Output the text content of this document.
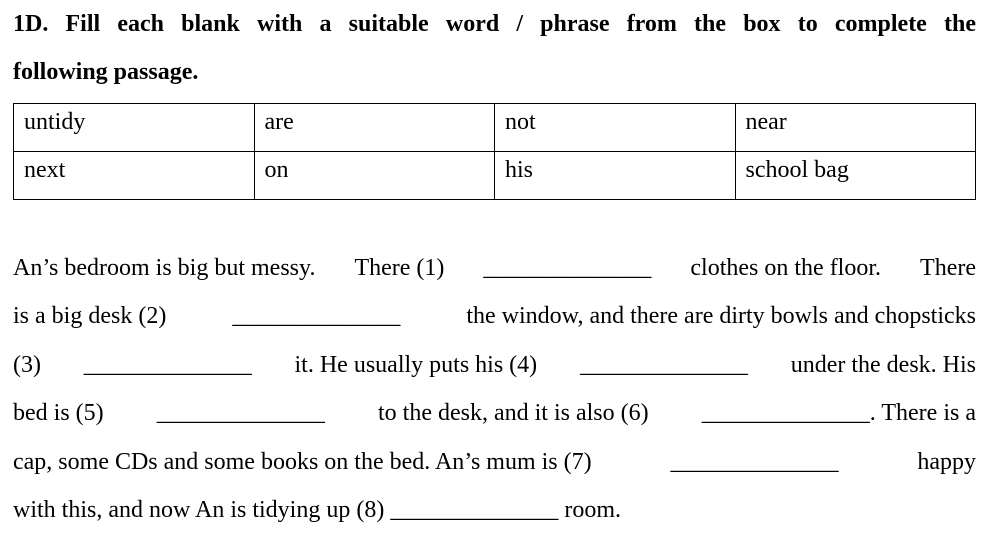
1D. Fill each blank with a suitable word / phrase from the box to complete the
following passage.

untidy	are	not	near
next	on	his	school bag
An’s bedroom is big but messy. There (1) ______________ clothes on the floor. There
is a big desk (2)	______________	the window, and there are dirty bowls and chopsticks
(3) ______________ it. He usually puts his (4) ______________ under the desk. His
bed is (5) ______________ to the desk, and it is also (6) ______________. There is a
cap, some CDs and some books on the bed. An’s mum is (7)	______________	happy
with this, and now An is tidying up (8) ______________ room.
